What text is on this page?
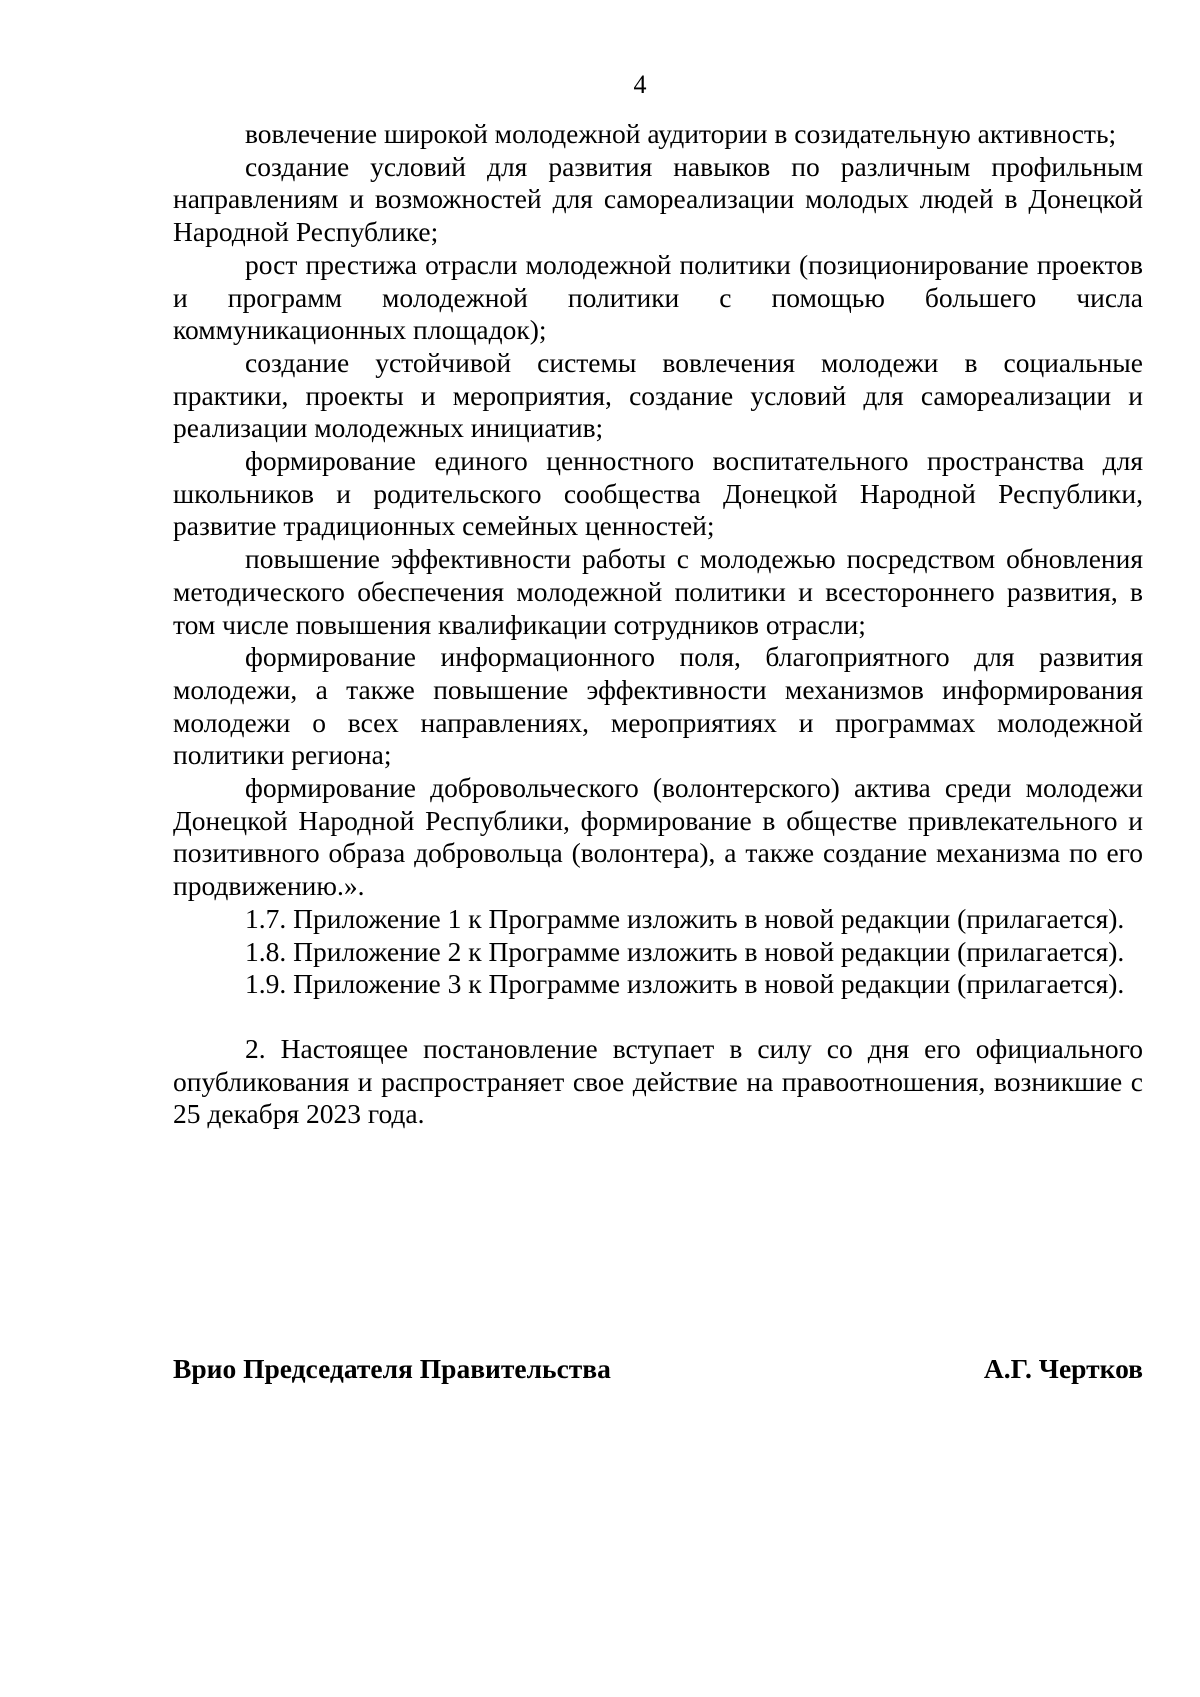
4

вовлечение широкой молодежной аудитории в созидательную активность;

создание условий для развития навыков по различным профильным направлениям и возможностей для самореализации молодых людей в Донецкой Народной Республике;

рост престижа отрасли молодежной политики (позиционирование проектов и программ молодежной политики с помощью большего числа коммуникационных площадок);

создание устойчивой системы вовлечения молодежи в социальные практики, проекты и мероприятия, создание условий для самореализации и реализации молодежных инициатив;

формирование единого ценностного воспитательного пространства для школьников и родительского сообщества Донецкой Народной Республики, развитие традиционных семейных ценностей;

повышение эффективности работы с молодежью посредством обновления методического обеспечения молодежной политики и всестороннего развития, в том числе повышения квалификации сотрудников отрасли;

формирование информационного поля, благоприятного для развития молодежи, а также повышение эффективности механизмов информирования молодежи о всех направлениях, мероприятиях и программах молодежной политики региона;

формирование добровольческого (волонтерского) актива среди молодежи Донецкой Народной Республики, формирование в обществе привлекательного и позитивного образа добровольца (волонтера), а также создание механизма по его продвижению.».

1.7. Приложение 1 к Программе изложить в новой редакции (прилагается).

1.8. Приложение 2 к Программе изложить в новой редакции (прилагается).

1.9. Приложение 3 к Программе изложить в новой редакции (прилагается).

2. Настоящее постановление вступает в силу со дня его официального опубликования и распространяет свое действие на правоотношения, возникшие с 25 декабря 2023 года.

Врио Председателя Правительства	А.Г. Чертков
